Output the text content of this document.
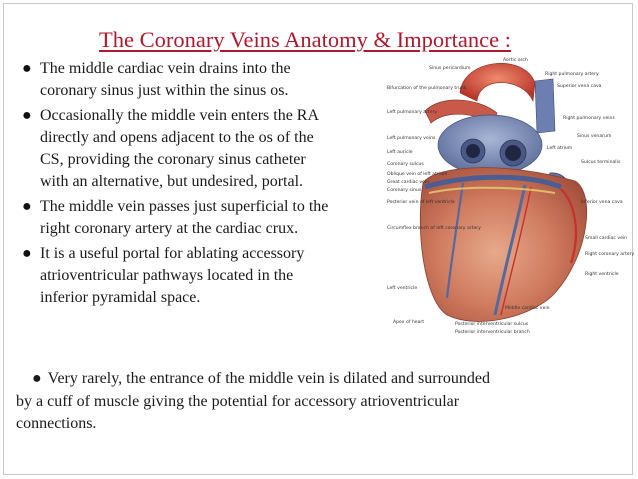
The Coronary Veins Anatomy & Importance :
● The middle cardiac vein drains into the
coronary sinus just within the sinus os.
● Occasionally the middle vein enters the RA
directly and opens adjacent to the os of the
CS, providing the coronary sinus catheter
with an alternative, but undesired, portal.
● The middle vein passes just superficial to the
right coronary artery at the cardiac crux.
● It is a useful portal for ablating accessory
atrioventricular pathways located in the
inferior pyramidal space.
● Very rarely, the entrance of the middle vein is dilated and surrounded
by a cuff of muscle giving the potential for accessory atrioventricular
connections.
Aortic arch
Sinus pericardium
Bifurcation of the pulmonary trunk
Left pulmonary artery
Left pulmonary veins
Left auricle
Coronary sulcus
Oblique vein of left atrium
Great cardiac vein
Coronary sinus
Posterior vein of left ventricle
Circumflex branch of left coronary artery
Left ventricle
Apex of heart
Right pulmonary artery
Superior vena cava
Right pulmonary veins
Sinus venarum
Left atrium
Sulcus terminalis
Inferior vena cava
Small cardiac vein
Right coronary artery
Right ventricle
Middle cardiac vein
Posterior interventricular sulcus
Posterior interventricular branch
